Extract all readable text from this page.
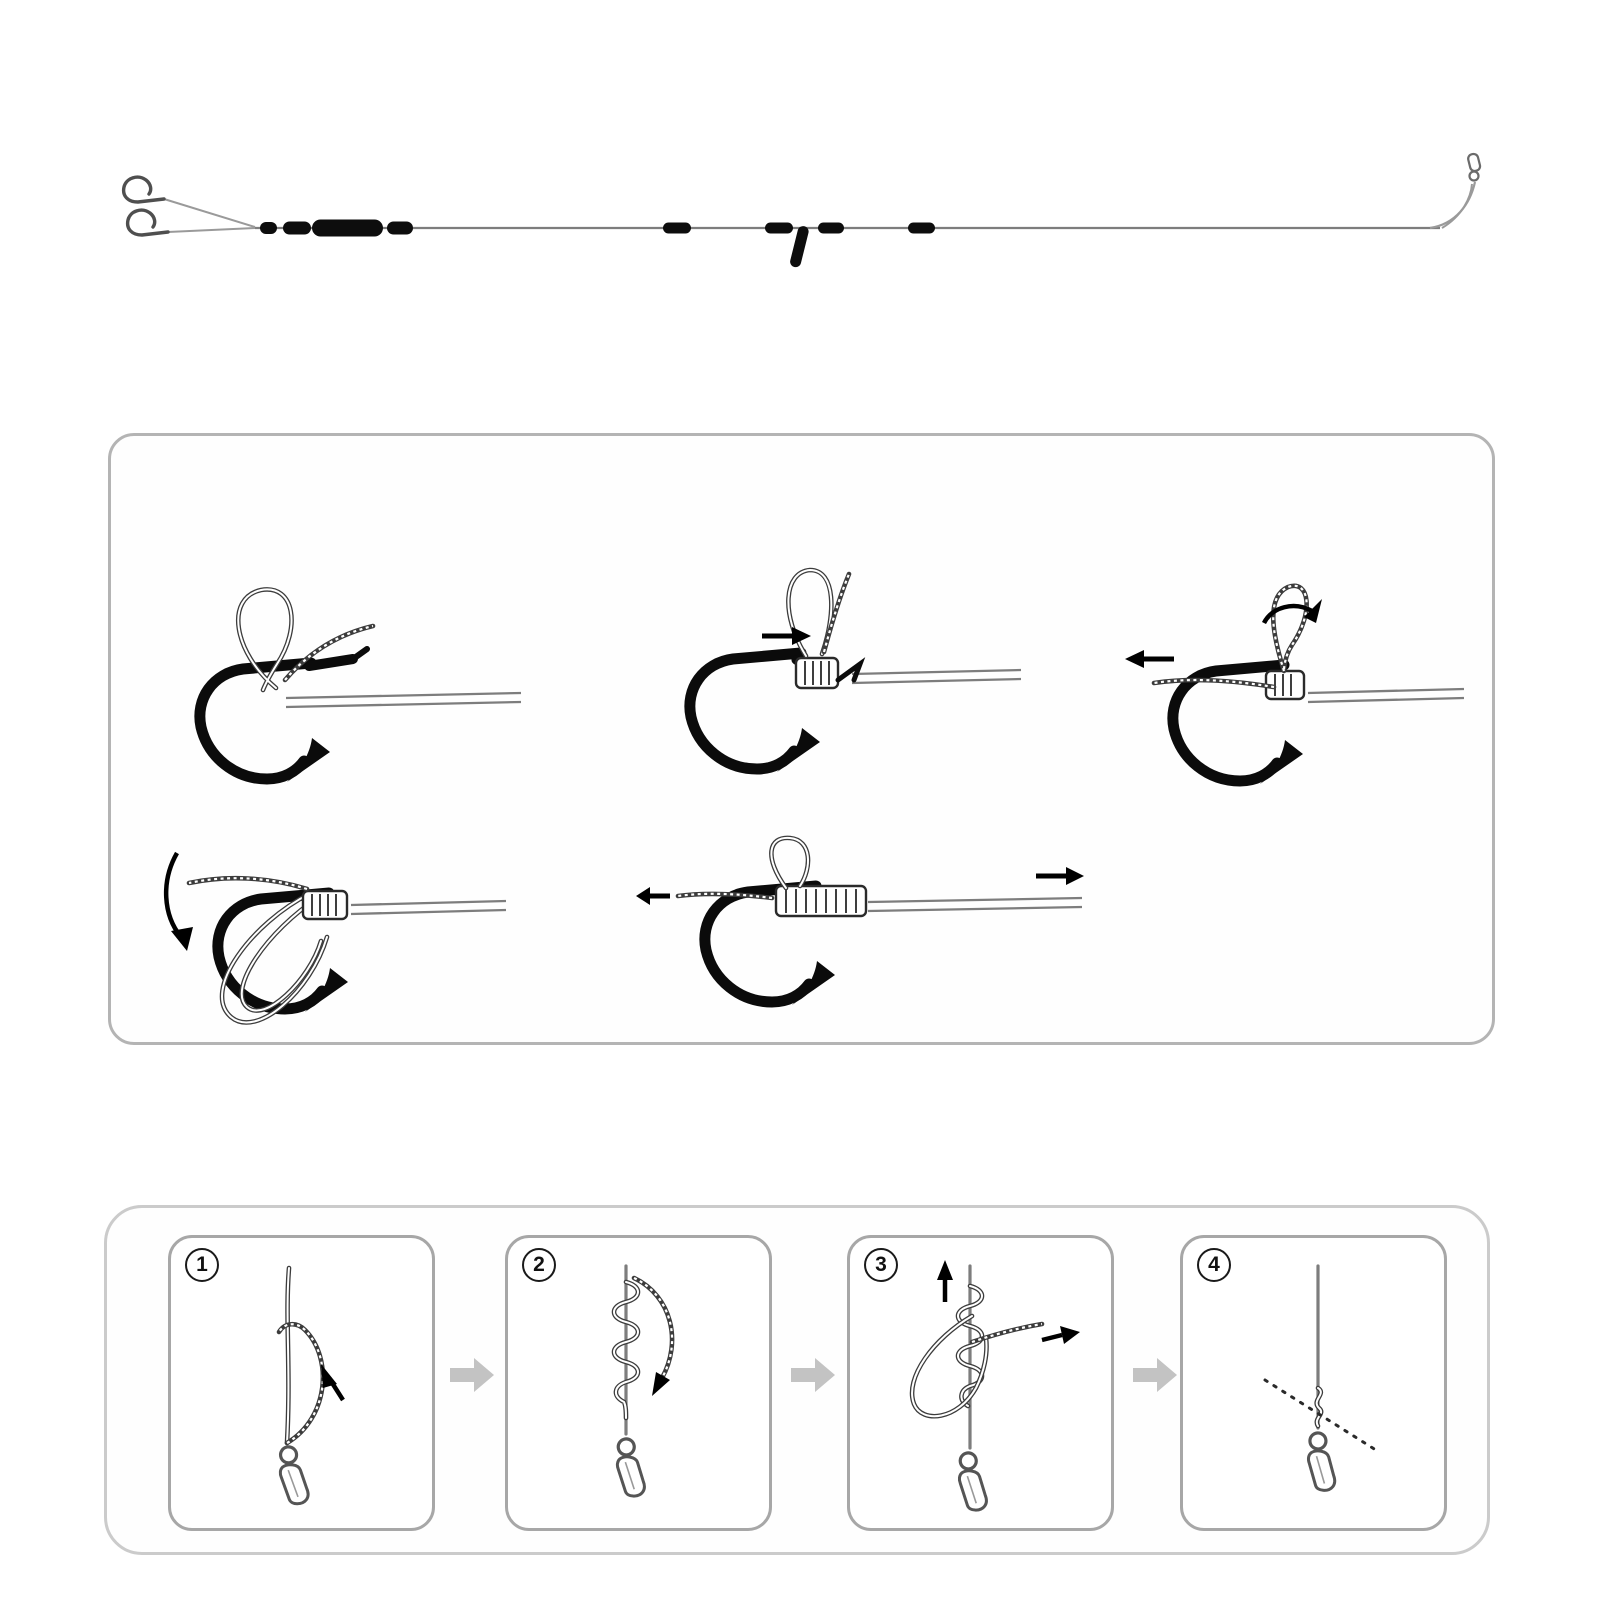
1	2	3	4
